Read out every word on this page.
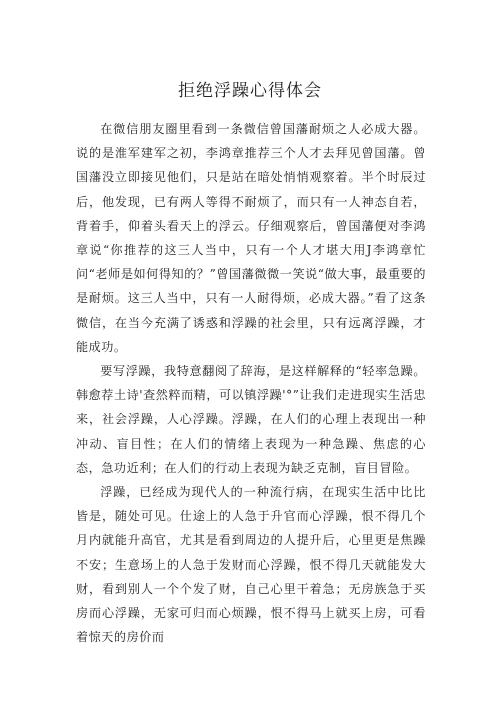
拒绝浮躁心得体会

在微信朋友圈里看到一条微信曾国藩耐烦之人必成大器。说的是淮军建军之初，李鸿章推荐三个人才去拜见曾国藩。曾国藩没立即接见他们，只是站在暗处悄悄观察着。半个时辰过后，他发现，已有两人等得不耐烦了，而只有一人神态自若，背着手，仰着头看天上的浮云。仔细观察后，曾国藩便对李鸿章说“你推荐的这三人当中，只有一个人才堪大用J李鸿章忙问“老师是如何得知的？”曾国藩微微一笑说“做大事，最重要的是耐烦。这三人当中，只有一人耐得烦，必成大器。”看了这条微信，在当今充满了诱惑和浮躁的社会里，只有远离浮躁，才能成功。

要写浮躁，我特意翻阅了辞海，是这样解释的“轻率急躁。韩愈荐土诗'查然粹而精，可以镇浮躁'°”让我们走进现实生活忠来，社会浮躁，人心浮躁。浮躁，在人们的心理上表现出一种冲动、盲目性；在人们的情绪上表现为一种急躁、焦虑的心态，急功近利；在人们的行动上表现为缺乏克制，盲目冒险。

浮躁，已经成为现代人的一种流行病，在现实生活中比比皆是，随处可见。仕途上的人急于升官而心浮躁，恨不得几个月内就能升高官，尤其是看到周边的人提升后，心里更是焦躁不安；生意场上的人急于发财而心浮躁，恨不得几天就能发大财，看到别人一个个发了财，自己心里干着急；无房族急于买房而心浮躁，无家可归而心烦躁，恨不得马上就买上房，可看着惊天的房价而
